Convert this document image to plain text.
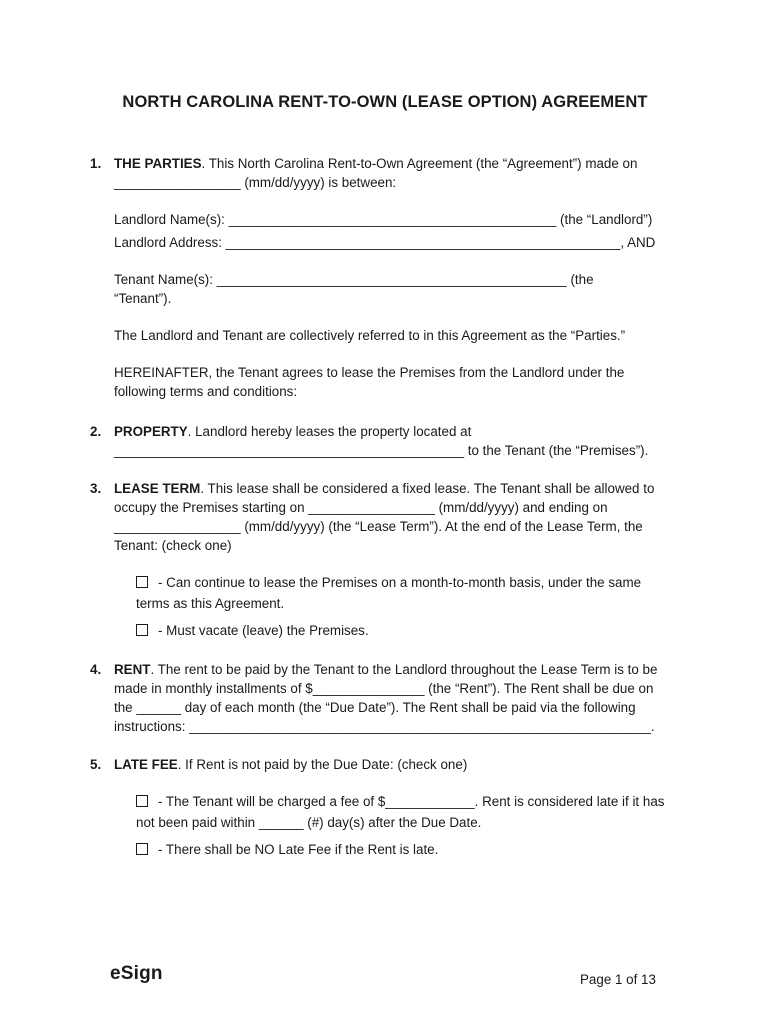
NORTH CAROLINA RENT-TO-OWN (LEASE OPTION) AGREEMENT
1. THE PARTIES. This North Carolina Rent-to-Own Agreement (the “Agreement”) made on

_________________ (mm/dd/yyyy) is between:

Landlord Name(s): ____________________________________________ (the “Landlord”)

Landlord Address: _____________________________________________________, AND

Tenant Name(s): _______________________________________________ (the

“Tenant”).

The Landlord and Tenant are collectively referred to in this Agreement as the “Parties.”

HEREINAFTER, the Tenant agrees to lease the Premises from the Landlord under the

following terms and conditions:

2. PROPERTY. Landlord hereby leases the property located at

_______________________________________________ to the Tenant (the “Premises”).

3. LEASE TERM. This lease shall be considered a fixed lease. The Tenant shall be allowed to

occupy the Premises starting on _________________ (mm/dd/yyyy) and ending on

_________________ (mm/dd/yyyy) (the “Lease Term”). At the end of the Lease Term, the

Tenant: (check one)

- Can continue to lease the Premises on a month-to-month basis, under the same

terms as this Agreement.

- Must vacate (leave) the Premises.

4. RENT. The rent to be paid by the Tenant to the Landlord throughout the Lease Term is to be

made in monthly installments of $_______________ (the “Rent”). The Rent shall be due on

the ______ day of each month (the “Due Date”). The Rent shall be paid via the following

instructions: ______________________________________________________________.

5. LATE FEE. If Rent is not paid by the Due Date: (check one)

- The Tenant will be charged a fee of $____________. Rent is considered late if it has

not been paid within ______ (#) day(s) after the Due Date.

- There shall be NO Late Fee if the Rent is late.

eSign	Page 1 of 13
